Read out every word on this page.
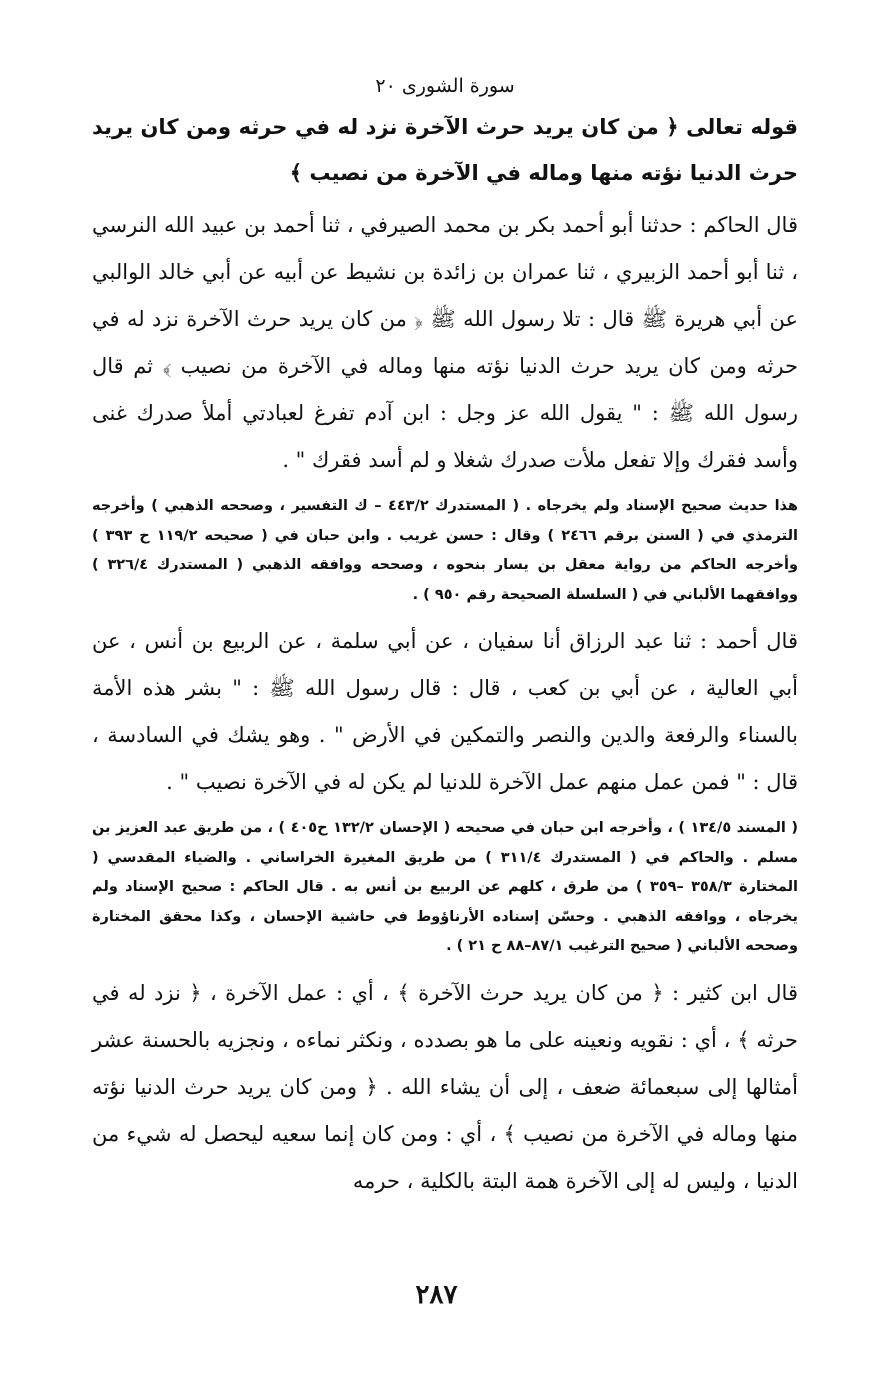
سورة الشورى ٢٠

قوله تعالى ﴿ من كان يريد حرث الآخرة نزد له في حرثه ومن كان يريد حرث الدنيا نؤته منها وماله في الآخرة من نصيب ﴾

قال الحاكم : حدثنا أبو أحمد بكر بن محمد الصيرفي ، ثنا أحمد بن عبيد الله النرسي ، ثنا أبو أحمد الزبيري ، ثنا عمران بن زائدة بن نشيط عن أبيه عن أبي خالد الوالبي عن أبي هريرة ﷺ قال : تلا رسول الله ﷺ ﴿ من كان يريد حرث الآخرة نزد له في حرثه ومن كان يريد حرث الدنيا نؤته منها وماله في الآخرة من نصيب ﴾ ثم قال رسول الله ﷺ : " يقول الله عز وجل : ابن آدم تفرغ لعبادتي أملأ صدرك غنى وأسد فقرك وإلا تفعل ملأت صدرك شغلا و لم أسد فقرك " .

هذا حديث صحيح الإسناد ولم يخرجاه . ( المستدرك ٤٤٣/٢ – ك التفسير ، وصححه الذهبي ) وأخرجه الترمذي في ( السنن برقم ٢٤٦٦ ) وقال : حسن غريب . وابن حبان في ( صحيحه ١١٩/٢ ح ٣٩٣ ) وأخرجه الحاكم من رواية معقل بن يسار بنحوه ، وصححه ووافقه الذهبي ( المستدرك ٣٢٦/٤ ) ووافقهما الألباني في ( السلسلة الصحيحة رقم ٩٥٠ ) .

قال أحمد : ثنا عبد الرزاق أنا سفيان ، عن أبي سلمة ، عن الربيع بن أنس ، عن أبي العالية ، عن أبي بن كعب ، قال : قال رسول الله ﷺ : " بشر هذه الأمة بالسناء والرفعة والدين والنصر والتمكين في الأرض " . وهو يشك في السادسة ، قال : " فمن عمل منهم عمل الآخرة للدنيا لم يكن له في الآخرة نصيب " .

( المسند ١٣٤/٥ ) ، وأخرجه ابن حبان في صحيحه ( الإحسان ١٣٢/٢ ح٤٠٥ ) ، من طريق عبد العزيز بن مسلم . والحاكم في ( المستدرك ٣١١/٤ ) من طريق المغيرة الخراساني . والضياء المقدسي ( المختارة ٣٥٨/٣ –٣٥٩ ) من طرق ، كلهم عن الربيع بن أنس به . قال الحاكم : صحيح الإسناد ولم يخرجاه ، ووافقه الذهبي . وحسّن إسناده الأرناؤوط في حاشية الإحسان ، وكذا محقق المختارة وصححه الألباني ( صحيح الترغيب ٨٧/١–٨٨ ح ٢١ ) .

قال ابن كثير : ﴿ من كان يريد حرث الآخرة ﴾ ، أي : عمل الآخرة ، ﴿ نزد له في حرثه ﴾ ، أي : نقويه ونعينه على ما هو بصدده ، ونكثر نماءه ، ونجزيه بالحسنة عشر أمثالها إلى سبعمائة ضعف ، إلى أن يشاء الله . ﴿ ومن كان يريد حرث الدنيا نؤته منها وماله في الآخرة من نصيب ﴾ ، أي : ومن كان إنما سعيه ليحصل له شيء من الدنيا ، وليس له إلى الآخرة همة البتة بالكلية ، حرمه

٢٨٧
